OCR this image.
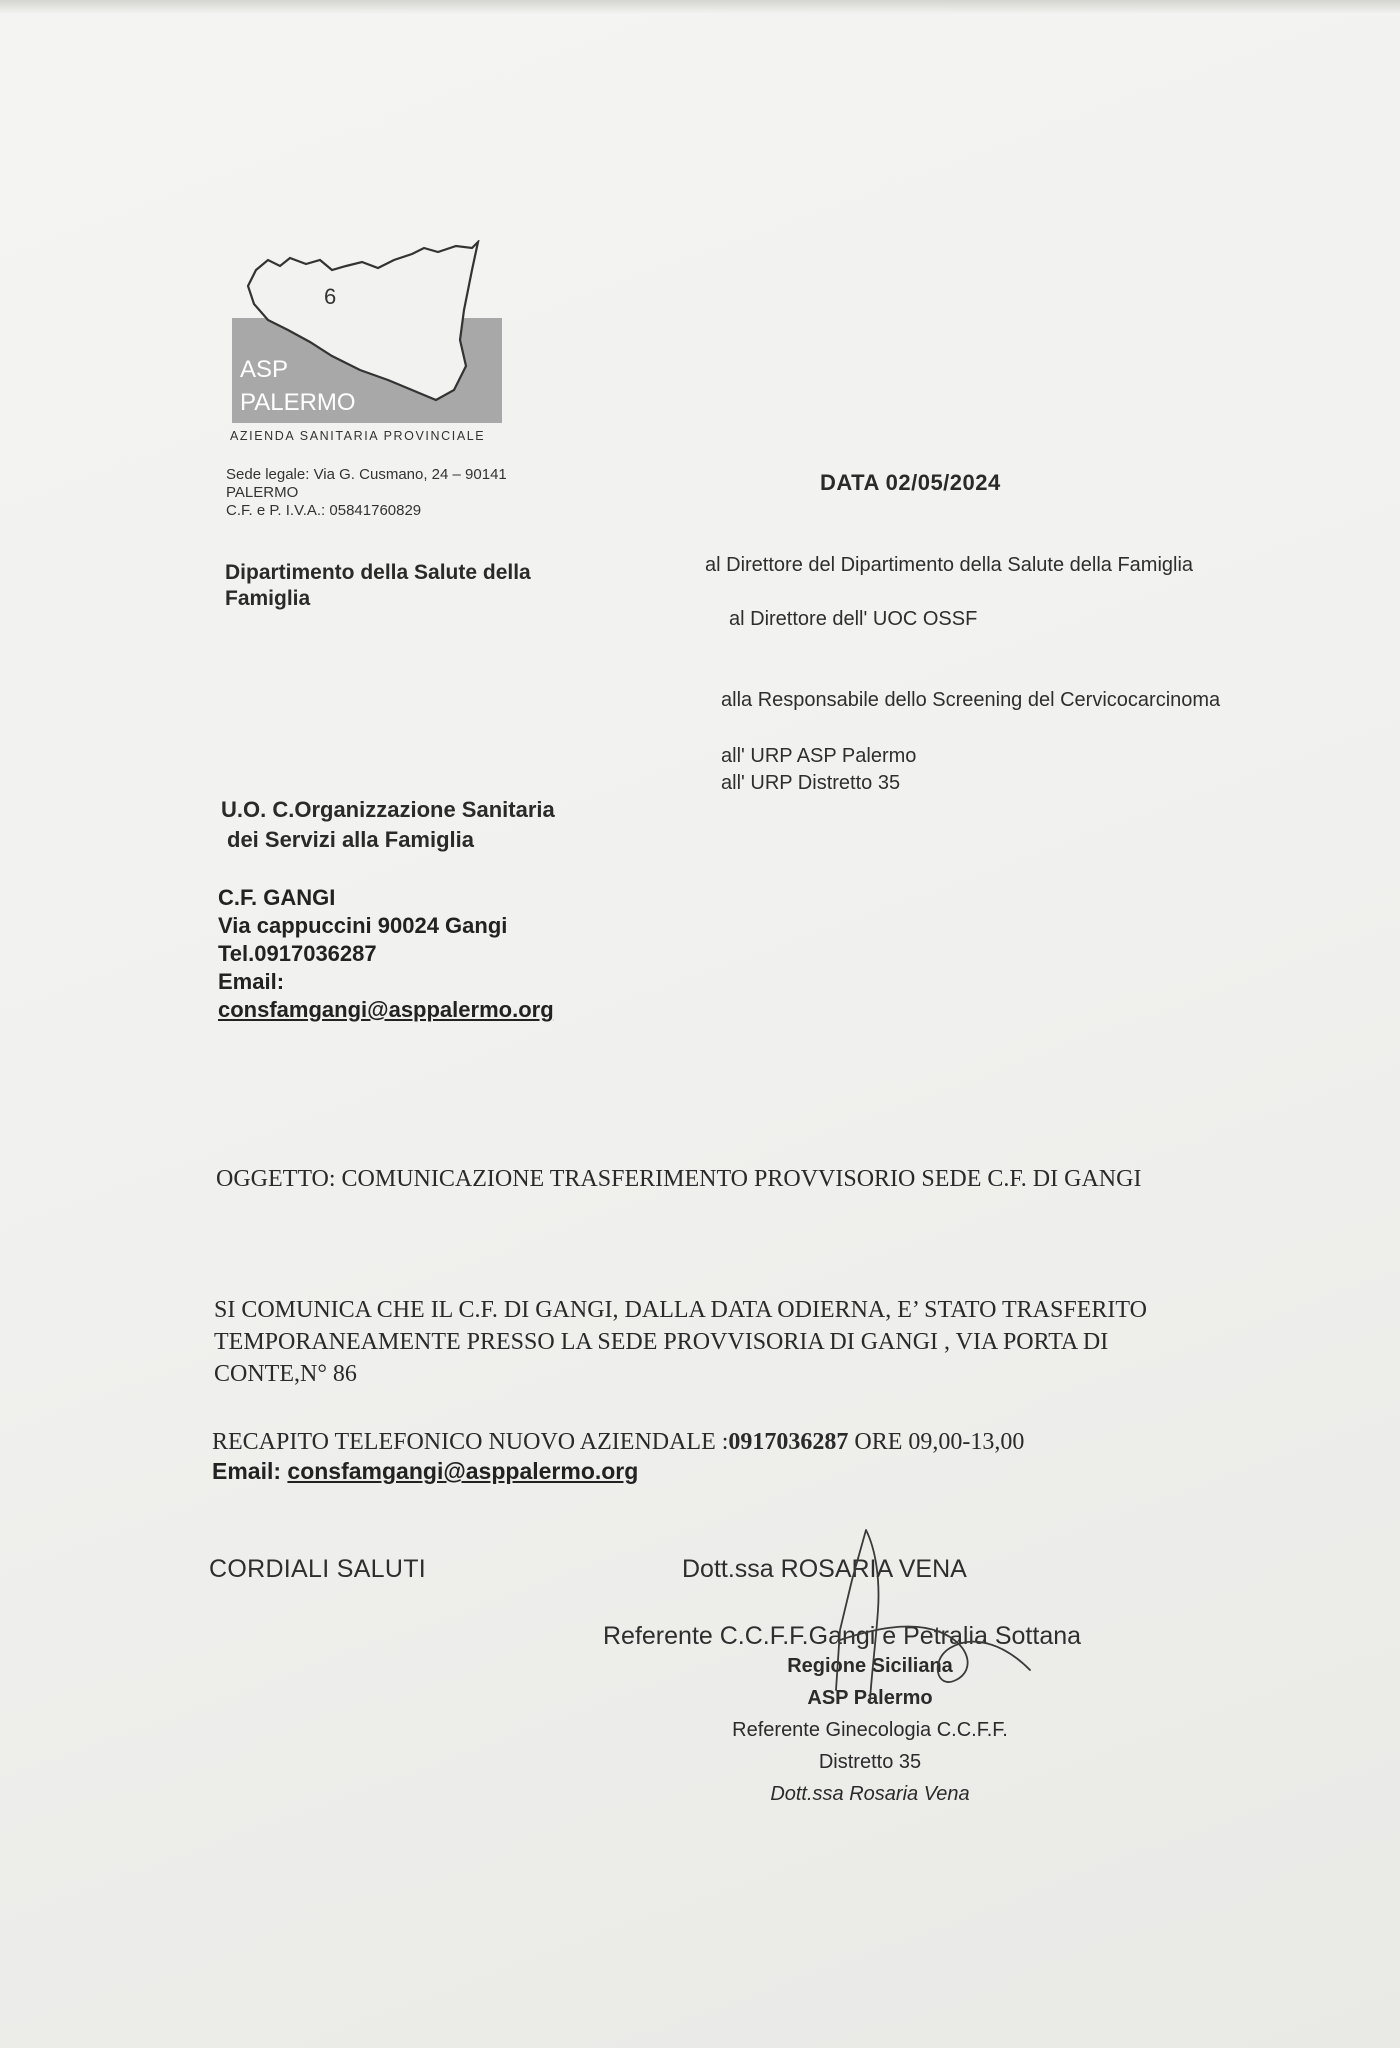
6
ASP
PALERMO
AZIENDA SANITARIA PROVINCIALE
Sede legale: Via G. Cusmano, 24 – 90141
PALERMO
C.F. e P. I.V.A.: 05841760829
DATA 02/05/2024
Dipartimento della Salute della Famiglia
al Direttore del Dipartimento della Salute della Famiglia
al Direttore dell' UOC OSSF
alla Responsabile dello Screening del Cervicocarcinoma
all' URP ASP Palermo
all' URP Distretto 35
U.O. C.Organizzazione Sanitaria
dei Servizi alla Famiglia
C.F. GANGI
Via cappuccini 90024 Gangi
Tel.0917036287
Email:
consfamgangi@asppalermo.org
OGGETTO: COMUNICAZIONE TRASFERIMENTO PROVVISORIO SEDE C.F. DI GANGI
SI COMUNICA CHE IL C.F. DI GANGI, DALLA DATA ODIERNA, E’ STATO TRASFERITO TEMPORANEAMENTE PRESSO LA SEDE PROVVISORIA DI GANGI , VIA PORTA DI CONTE,N° 86
RECAPITO TELEFONICO NUOVO AZIENDALE :0917036287 ORE 09,00-13,00
Email: consfamgangi@asppalermo.org
CORDIALI SALUTI	Dott.ssa ROSARIA VENA
Referente C.C.F.F.Gangi e Petralia Sottana
Regione Siciliana
ASP Palermo
Referente Ginecologia C.C.F.F.
Distretto 35
Dott.ssa Rosaria Vena
